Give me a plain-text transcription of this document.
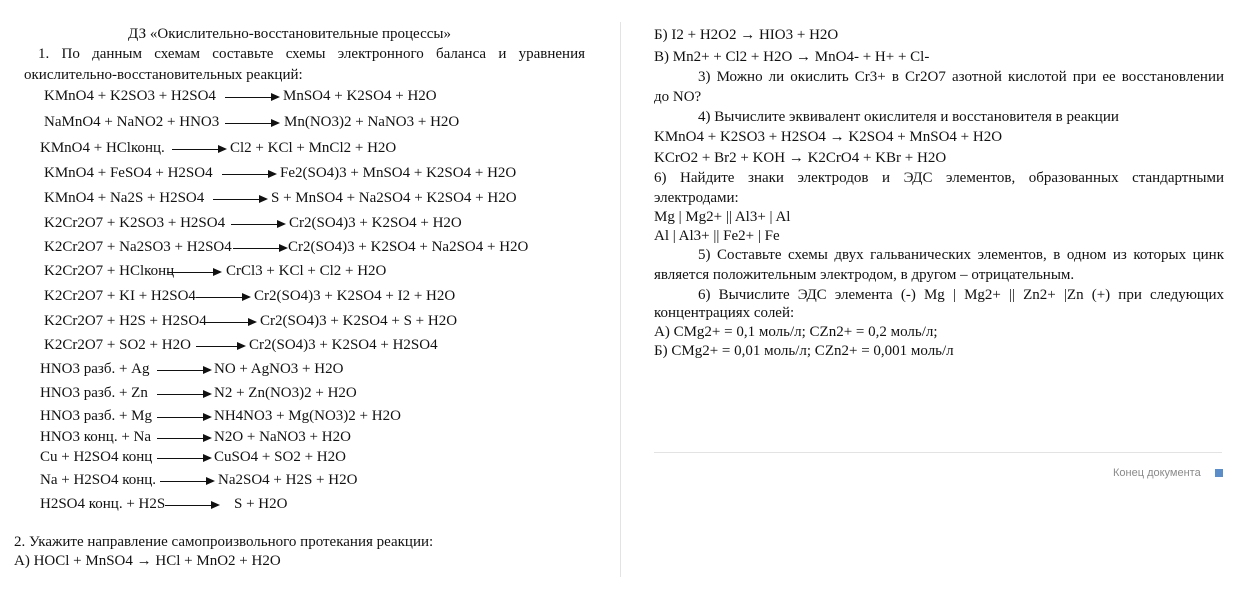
ДЗ «Окислительно-восстановительные процессы»
1. По данным схемам составьте схемы электронного баланса и уравнения
окислительно-восстановительных реакций:
KMnO4 + K2SO3 + H2SO4	MnSO4 + K2SO4 + H2O
NaMnO4 + NaNO2 + HNO3	Mn(NO3)2 + NaNO3 + H2O
KMnO4 + HClконц.	Cl2 + KCl + MnCl2 + H2O
KMnO4 + FeSO4 + H2SO4	Fe2(SO4)3 + MnSO4 + K2SO4 + H2O
KMnO4 + Na2S + H2SO4	S + MnSO4 + Na2SO4 + K2SO4 + H2O
K2Cr2O7 + K2SO3 + H2SO4	Cr2(SO4)3 + K2SO4 + H2O
K2Cr2O7 + Na2SO3 + H2SO4	Cr2(SO4)3 + K2SO4 + Na2SO4 + H2O
K2Cr2O7 + HClконц	CrCl3 + KCl + Cl2 + H2O
K2Cr2O7 + KI + H2SO4	Cr2(SO4)3 + K2SO4 + I2 + H2O
K2Cr2O7 + H2S + H2SO4	Cr2(SO4)3 + K2SO4 + S + H2O
K2Cr2O7 + SO2 + H2O	Cr2(SO4)3 + K2SO4 + H2SO4
HNO3 разб. + Ag	NO + AgNO3 + H2O
HNO3 разб. + Zn	N2 + Zn(NO3)2 + H2O
HNO3 разб. + Mg	NH4NO3 + Mg(NO3)2 + H2O
HNO3 конц. + Na	N2O + NaNO3 + H2O
Cu + H2SO4 конц	CuSO4 + SO2 + H2O
Na + H2SO4 конц.	Na2SO4 + H2S + H2O
H2SO4 конц. + H2S	S + H2O
2. Укажите направление самопроизвольного протекания реакции:
А) HOCl + MnSO4 → HCl + MnO2 + H2O
Б) I2 + H2O2 → HIO3 + H2O
В) Mn2+ + Cl2 + H2O → MnO4- + H+ + Cl-
3) Можно ли окислить Cr3+ в Cr2O7 азотной кислотой при ее восстановлении
до NO?
4) Вычислите эквивалент окислителя и восстановителя в реакции
KMnO4 + K2SO3 + H2SO4 → K2SO4 + MnSO4 + H2O
KCrO2 + Br2 + KOH → K2CrO4 + KBr + H2O
6) Найдите знаки электродов и ЭДС элементов, образованных стандартными
электродами:
Mg | Mg2+ || Al3+ | Al
Al | Al3+ || Fe2+ | Fe
5) Составьте схемы двух гальванических элементов, в одном из которых цинк
является положительным электродом, в другом – отрицательным.
6) Вычислите ЭДС элемента (-) Mg | Mg2+ || Zn2+ |Zn (+) при следующих
концентрациях солей:
А) CMg2+ = 0,1 моль/л; CZn2+ = 0,2 моль/л;
Б) CMg2+ = 0,01 моль/л; CZn2+ = 0,001 моль/л
Конец документа
